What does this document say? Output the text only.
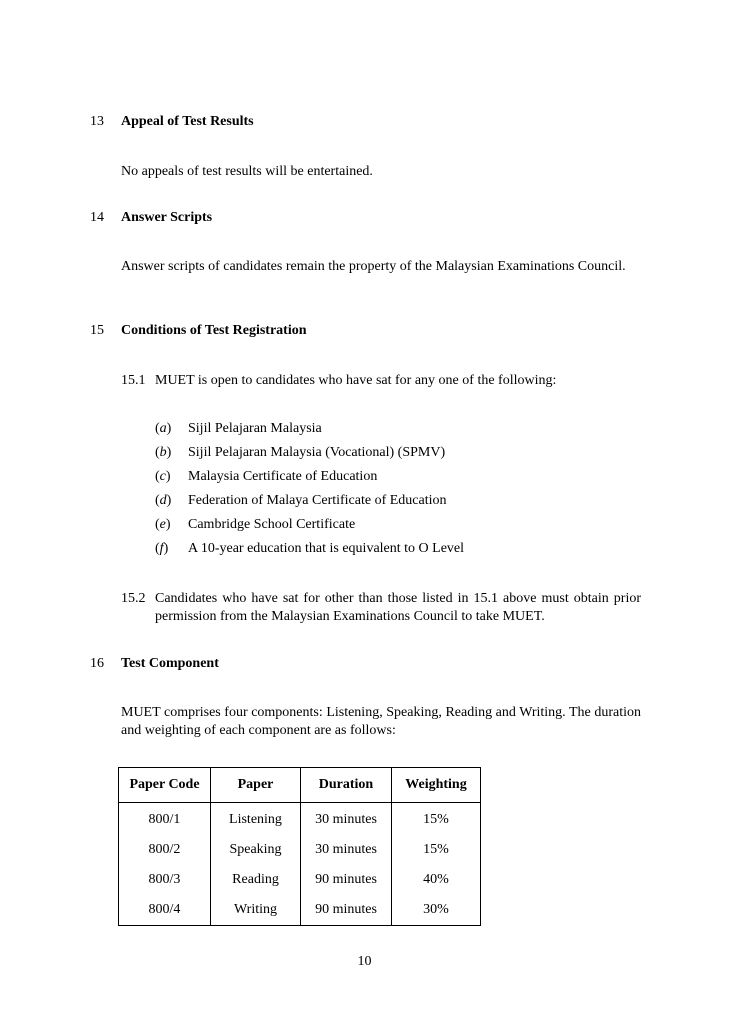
13 Appeal of Test Results
No appeals of test results will be entertained.
14 Answer Scripts
Answer scripts of candidates remain the property of the Malaysian Examinations Council.
15 Conditions of Test Registration
15.1 MUET is open to candidates who have sat for any one of the following:
(a) Sijil Pelajaran Malaysia
(b) Sijil Pelajaran Malaysia (Vocational) (SPMV)
(c) Malaysia Certificate of Education
(d) Federation of Malaya Certificate of Education
(e) Cambridge School Certificate
(f) A 10-year education that is equivalent to O Level
15.2 Candidates who have sat for other than those listed in 15.1 above must obtain prior permission from the Malaysian Examinations Council to take MUET.
16 Test Component
MUET comprises four components: Listening, Speaking, Reading and Writing. The duration and weighting of each component are as follows:
Paper Code	Paper	Duration	Weighting
800/1	Listening	30 minutes	15%
800/2	Speaking	30 minutes	15%
800/3	Reading	90 minutes	40%
800/4	Writing	90 minutes	30%
10
